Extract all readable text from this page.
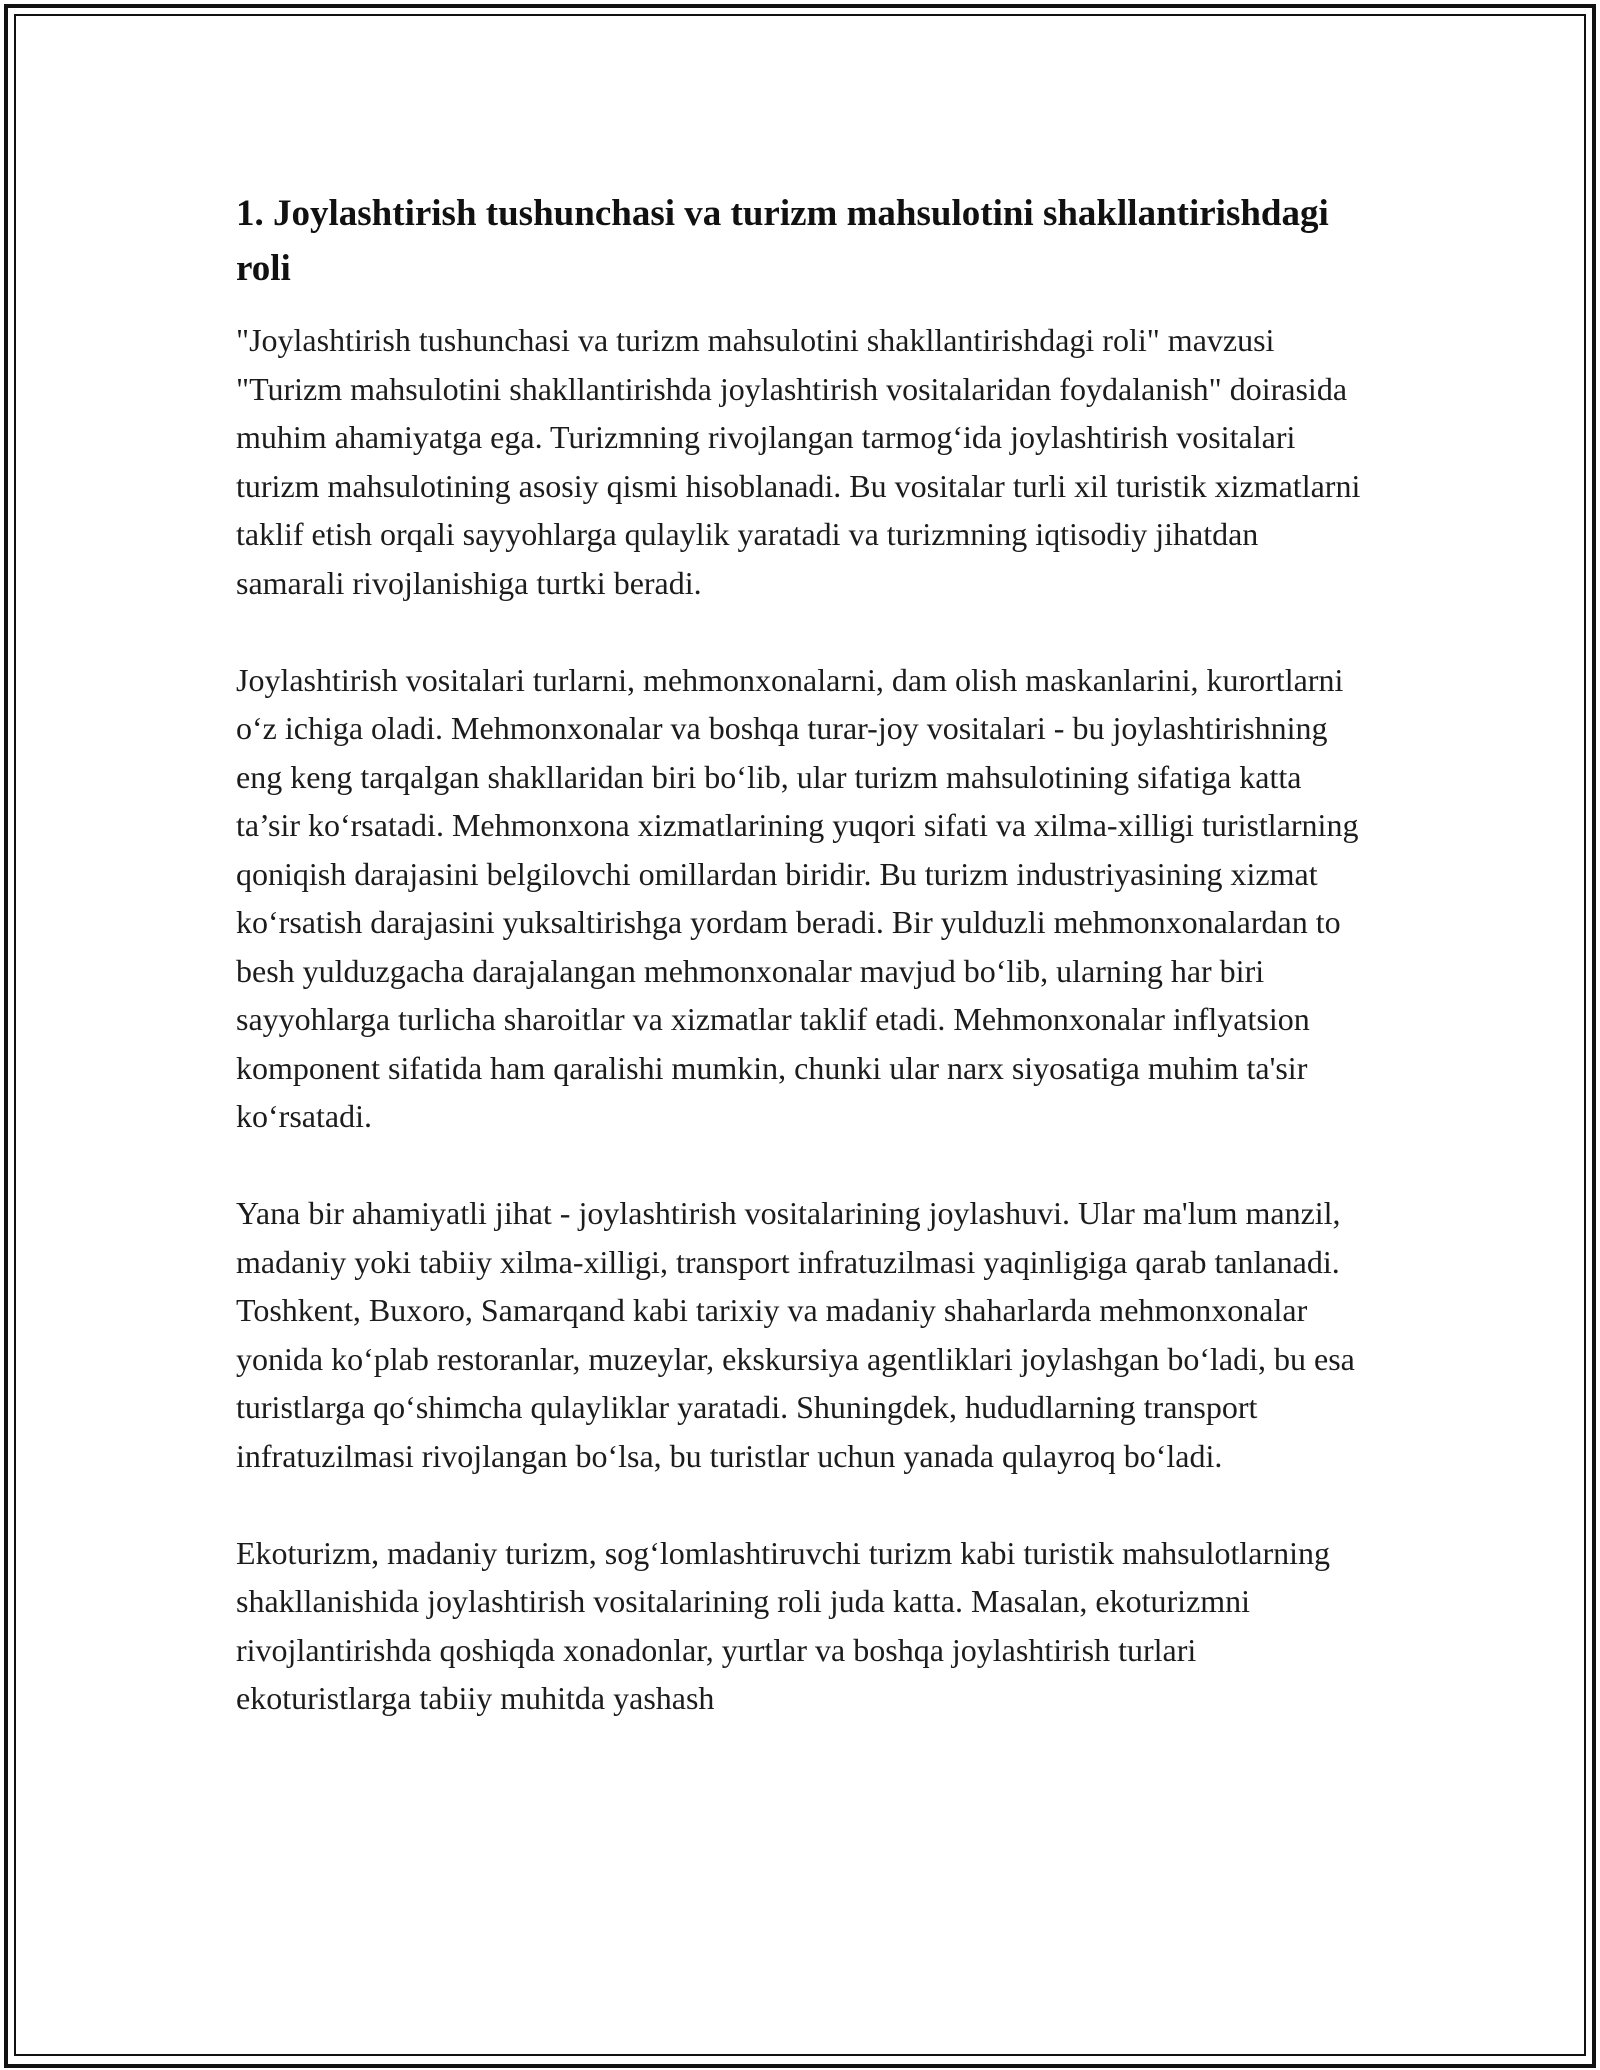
1. Joylashtirish tushunchasi va turizm mahsulotini shakllantirishdagi roli

"Joylashtirish tushunchasi va turizm mahsulotini shakllantirishdagi roli" mavzusi "Turizm mahsulotini shakllantirishda joylashtirish vositalaridan foydalanish" doirasida muhim ahamiyatga ega. Turizmning rivojlangan tarmog‘ida joylashtirish vositalari turizm mahsulotining asosiy qismi hisoblanadi. Bu vositalar turli xil turistik xizmatlarni taklif etish orqali sayyohlarga qulaylik yaratadi va turizmning iqtisodiy jihatdan samarali rivojlanishiga turtki beradi.

Joylashtirish vositalari turlarni, mehmonxonalarni, dam olish maskanlarini, kurortlarni o‘z ichiga oladi. Mehmonxonalar va boshqa turar-joy vositalari - bu joylashtirishning eng keng tarqalgan shakllaridan biri bo‘lib, ular turizm mahsulotining sifatiga katta ta’sir ko‘rsatadi. Mehmonxona xizmatlarining yuqori sifati va xilma-xilligi turistlarning qoniqish darajasini belgilovchi omillardan biridir. Bu turizm industriyasining xizmat ko‘rsatish darajasini yuksaltirishga yordam beradi. Bir yulduzli mehmonxonalardan to besh yulduzgacha darajalangan mehmonxonalar mavjud bo‘lib, ularning har biri sayyohlarga turlicha sharoitlar va xizmatlar taklif etadi. Mehmonxonalar inflyatsion komponent sifatida ham qaralishi mumkin, chunki ular narx siyosatiga muhim ta'sir ko‘rsatadi.

Yana bir ahamiyatli jihat - joylashtirish vositalarining joylashuvi. Ular ma'lum manzil, madaniy yoki tabiiy xilma-xilligi, transport infratuzilmasi yaqinligiga qarab tanlanadi. Toshkent, Buxoro, Samarqand kabi tarixiy va madaniy shaharlarda mehmonxonalar yonida ko‘plab restoranlar, muzeylar, ekskursiya agentliklari joylashgan bo‘ladi, bu esa turistlarga qo‘shimcha qulayliklar yaratadi. Shuningdek, hududlarning transport infratuzilmasi rivojlangan bo‘lsa, bu turistlar uchun yanada qulayroq bo‘ladi.

Ekoturizm, madaniy turizm, sog‘lomlashtiruvchi turizm kabi turistik mahsulotlarning shakllanishida joylashtirish vositalarining roli juda katta. Masalan, ekoturizmni rivojlantirishda qoshiqda xonadonlar, yurtlar va boshqa joylashtirish turlari ekoturistlarga tabiiy muhitda yashash
